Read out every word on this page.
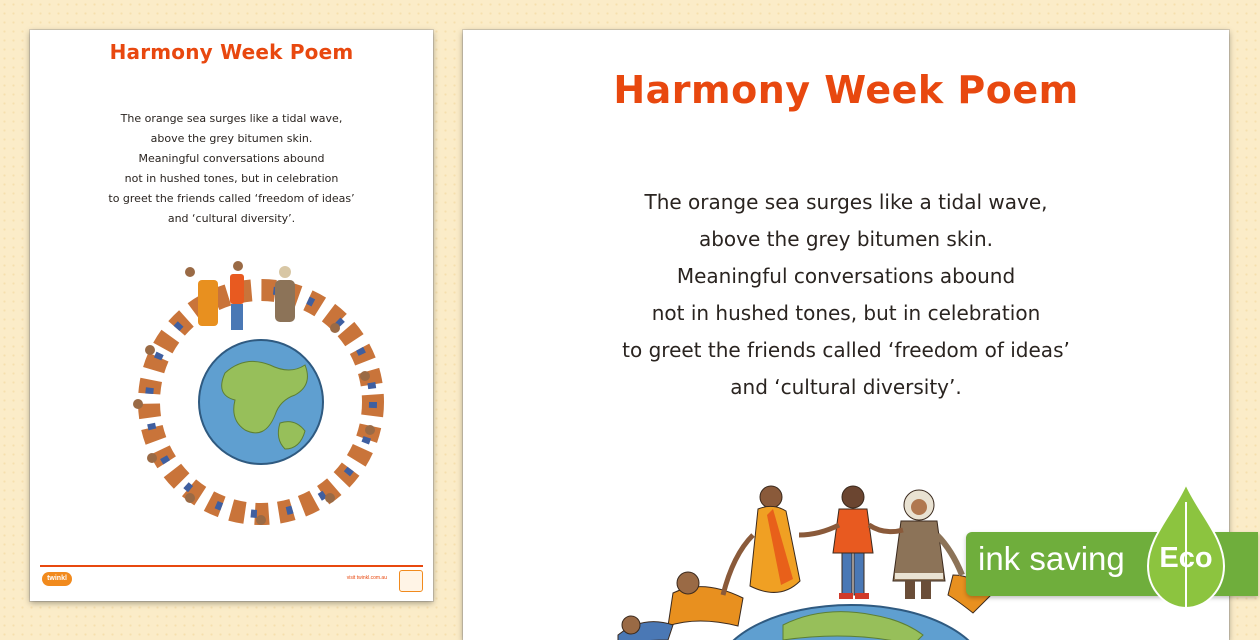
Harmony Week Poem
The orange sea surges like a tidal wave,
above the grey bitumen skin.
Meaningful conversations abound
not in hushed tones, but in celebration
to greet the friends called ‘freedom of ideas’
and ‘cultural diversity’.
twinkl	visit twinkl.com.au
Harmony Week Poem
The orange sea surges like a tidal wave,
above the grey bitumen skin.
Meaningful conversations abound
not in hushed tones, but in celebration
to greet the friends called ‘freedom of ideas’
and ‘cultural diversity’.
ink saving Eco
